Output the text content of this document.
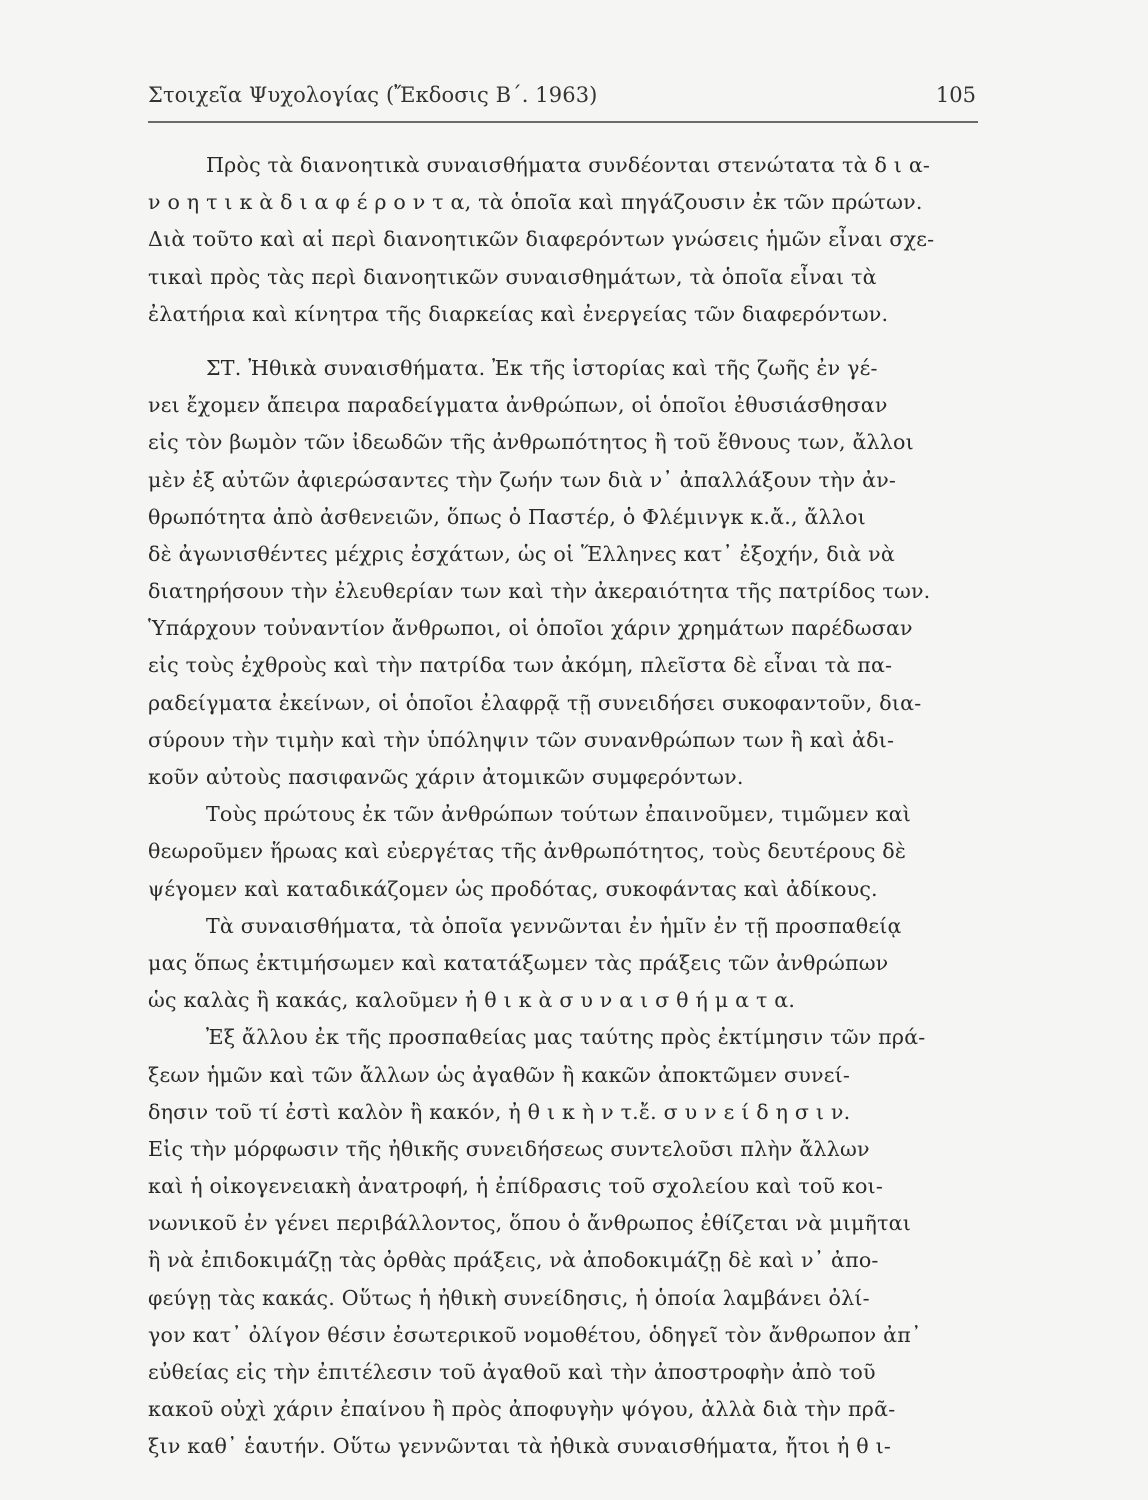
Στοιχεῖα Ψυχολογίας (Ἔκδοσις Β΄. 1963)	105
Πρὸς τὰ διανοητικὰ συναισθήματα συνδέονται στενώτατα τὰ δ ι α-
ν ο η τ ι κ ὰ δ ι α φ έ ρ ο ν τ α, τὰ ὁποῖα καὶ πηγάζουσιν ἐκ τῶν πρώτων.
Διὰ τοῦτο καὶ αἱ περὶ διανοητικῶν διαφερόντων γνώσεις ἡμῶν εἶναι σχε-
τικαὶ πρὸς τὰς περὶ διανοητικῶν συναισθημάτων, τὰ ὁποῖα εἶναι τὰ
ἐλατήρια καὶ κίνητρα τῆς διαρκείας καὶ ἐνεργείας τῶν διαφερόντων.
ΣΤ. Ἠθικὰ συναισθήματα. Ἐκ τῆς ἱστορίας καὶ τῆς ζωῆς ἐν γέ-
νει ἔχομεν ἄπειρα παραδείγματα ἀνθρώπων, οἱ ὁποῖοι ἐθυσιάσθησαν
εἰς τὸν βωμὸν τῶν ἰδεωδῶν τῆς ἀνθρωπότητος ἢ τοῦ ἔθνους των, ἄλλοι
μὲν ἐξ αὐτῶν ἀφιερώσαντες τὴν ζωήν των διὰ ν᾽ ἀπαλλάξουν τὴν ἀν-
θρωπότητα ἀπὸ ἀσθενειῶν, ὅπως ὁ Παστέρ, ὁ Φλέμινγκ κ.ἄ., ἄλλοι
δὲ ἀγωνισθέντες μέχρις ἐσχάτων, ὡς οἱ Ἕλληνες κατ᾽ ἐξοχήν, διὰ νὰ
διατηρήσουν τὴν ἐλευθερίαν των καὶ τὴν ἀκεραιότητα τῆς πατρίδος των.
Ὑπάρχουν τοὐναντίον ἄνθρωποι, οἱ ὁποῖοι χάριν χρημάτων παρέδωσαν
εἰς τοὺς ἐχθροὺς καὶ τὴν πατρίδα των ἀκόμη, πλεῖστα δὲ εἶναι τὰ πα-
ραδείγματα ἐκείνων, οἱ ὁποῖοι ἐλαφρᾷ τῇ συνειδήσει συκοφαντοῦν, δια-
σύρουν τὴν τιμὴν καὶ τὴν ὑπόληψιν τῶν συνανθρώπων των ἢ καὶ ἀδι-
κοῦν αὐτοὺς πασιφανῶς χάριν ἀτομικῶν συμφερόντων.
Τοὺς πρώτους ἐκ τῶν ἀνθρώπων τούτων ἐπαινοῦμεν, τιμῶμεν καὶ
θεωροῦμεν ἥρωας καὶ εὐεργέτας τῆς ἀνθρωπότητος, τοὺς δευτέρους δὲ
ψέγομεν καὶ καταδικάζομεν ὡς προδότας, συκοφάντας καὶ ἀδίκους.
Τὰ συναισθήματα, τὰ ὁποῖα γεννῶνται ἐν ἡμῖν ἐν τῇ προσπαθείᾳ
μας ὅπως ἐκτιμήσωμεν καὶ κατατάξωμεν τὰς πράξεις τῶν ἀνθρώπων
ὡς καλὰς ἢ κακάς, καλοῦμεν ἠ θ ι κ ὰ σ υ ν α ι σ θ ή μ α τ α.
Ἐξ ἄλλου ἐκ τῆς προσπαθείας μας ταύτης πρὸς ἐκτίμησιν τῶν πρά-
ξεων ἡμῶν καὶ τῶν ἄλλων ὡς ἀγαθῶν ἢ κακῶν ἀποκτῶμεν συνεί-
δησιν τοῦ τί ἐστὶ καλὸν ἢ κακόν, ἠ θ ι κ ὴ ν τ.ἔ. σ υ ν ε ί δ η σ ι ν.
Εἰς τὴν μόρφωσιν τῆς ἠθικῆς συνειδήσεως συντελοῦσι πλὴν ἄλλων
καὶ ἡ οἰκογενειακὴ ἀνατροφή, ἡ ἐπίδρασις τοῦ σχολείου καὶ τοῦ κοι-
νωνικοῦ ἐν γένει περιβάλλοντος, ὅπου ὁ ἄνθρωπος ἐθίζεται νὰ μιμῆται
ἢ νὰ ἐπιδοκιμάζῃ τὰς ὀρθὰς πράξεις, νὰ ἀποδοκιμάζῃ δὲ καὶ ν᾽ ἀπο-
φεύγῃ τὰς κακάς. Οὕτως ἡ ἠθικὴ συνείδησις, ἡ ὁποία λαμβάνει ὀλί-
γον κατ᾽ ὀλίγον θέσιν ἐσωτερικοῦ νομοθέτου, ὁδηγεῖ τὸν ἄνθρωπον ἀπ᾽
εὐθείας εἰς τὴν ἐπιτέλεσιν τοῦ ἀγαθοῦ καὶ τὴν ἀποστροφὴν ἀπὸ τοῦ
κακοῦ οὐχὶ χάριν ἐπαίνου ἢ πρὸς ἀποφυγὴν ψόγου, ἀλλὰ διὰ τὴν πρᾶ-
ξιν καθ᾽ ἑαυτήν. Οὕτω γεννῶνται τὰ ἠθικὰ συναισθήματα, ἤτοι ἠ θ ι-
